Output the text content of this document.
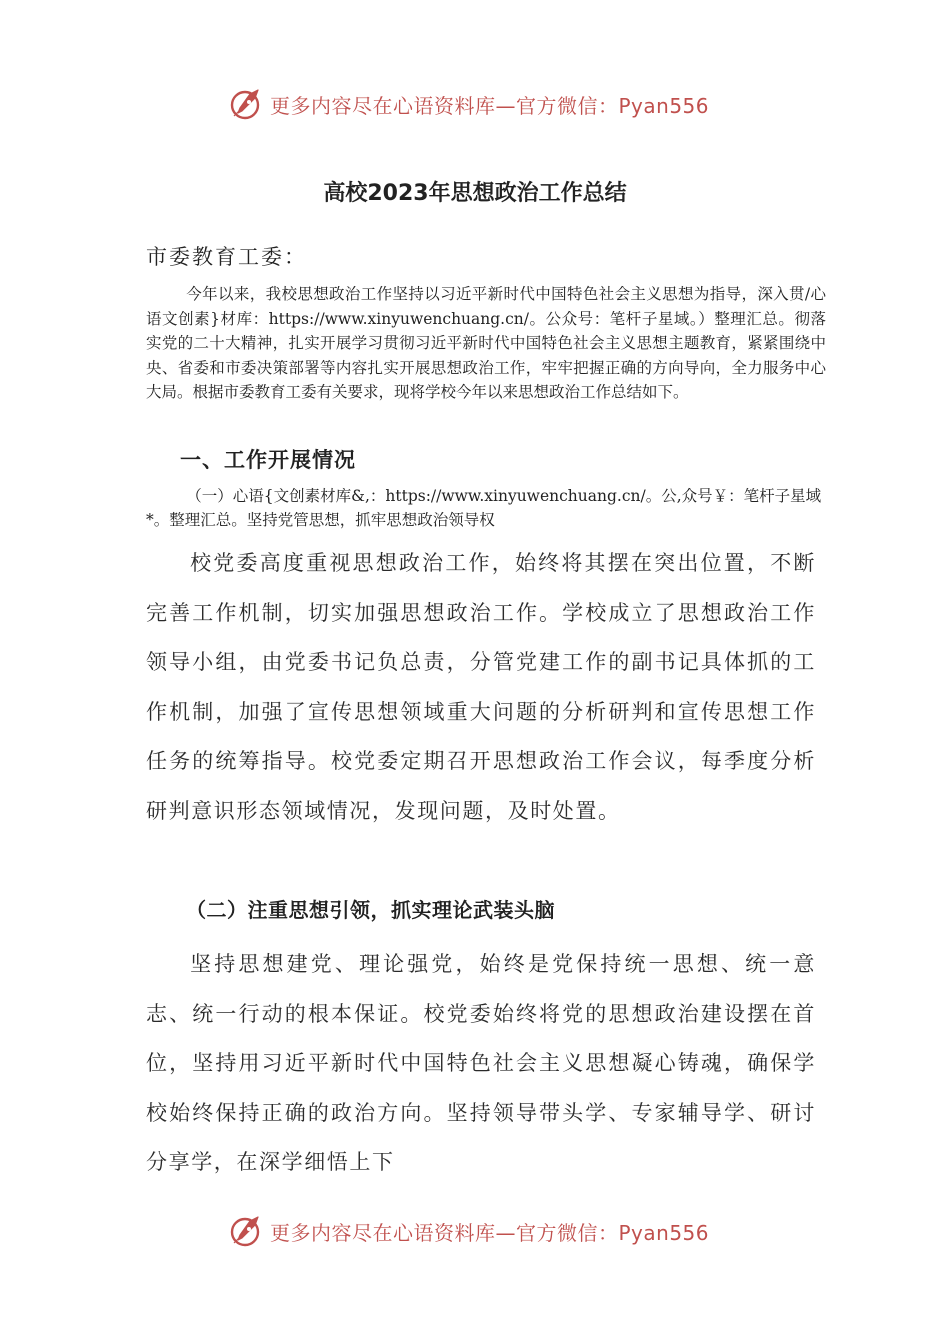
更多内容尽在心语资料库—官方微信：Pyan556
高校2023年思想政治工作总结
市委教育工委：

今年以来，我校思想政治工作坚持以习近平新时代中国特色社会主义思想为指导，深入贯/心语文创素}材库：https://www.xinyuwenchuang.cn/。公众号：笔杆子星域。）整理汇总。彻落实党的二十大精神，扎实开展学习贯彻习近平新时代中国特色社会主义思想主题教育，紧紧围绕中央、省委和市委决策部署等内容扎实开展思想政治工作，牢牢把握正确的方向导向，全力服务中心大局。根据市委教育工委有关要求，现将学校今年以来思想政治工作总结如下。

一、工作开展情况

（一）心语{文创素材库&,：https://www.xinyuwenchuang.cn/。公,众号￥：笔杆子星域*。整理汇总。坚持党管思想，抓牢思想政治领导权

校党委高度重视思想政治工作，始终将其摆在突出位置，不断完善工作机制，切实加强思想政治工作。学校成立了思想政治工作领导小组，由党委书记负总责，分管党建工作的副书记具体抓的工作机制，加强了宣传思想领域重大问题的分析研判和宣传思想工作任务的统筹指导。校党委定期召开思想政治工作会议，每季度分析研判意识形态领域情况，发现问题，及时处置。

（二）注重思想引领，抓实理论武装头脑

坚持思想建党、理论强党，始终是党保持统一思想、统一意志、统一行动的根本保证。校党委始终将党的思想政治建设摆在首位，坚持用习近平新时代中国特色社会主义思想凝心铸魂，确保学校始终保持正确的政治方向。坚持领导带头学、专家辅导学、研讨分享学，在深学细悟上下

更多内容尽在心语资料库—官方微信：Pyan556
